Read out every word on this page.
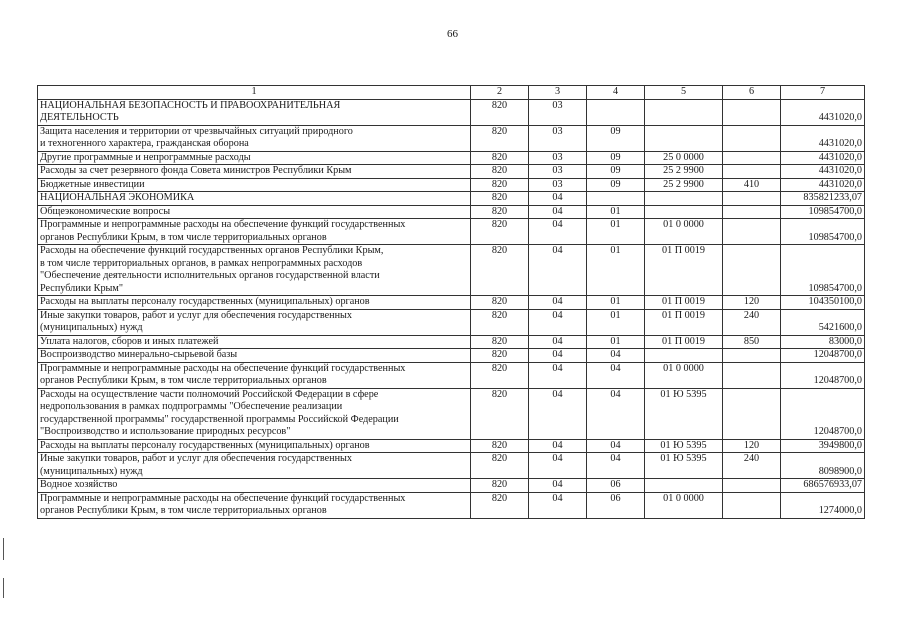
66
1	2	3	4	5	6	7
НАЦИОНАЛЬНАЯ БЕЗОПАСНОСТЬ И ПРАВООХРАНИТЕЛЬНАЯ
ДЕЯТЕЛЬНОСТЬ	820	03				4431020,0
Защита населения и территории от чрезвычайных ситуаций природного
и техногенного характера, гражданская оборона	820	03	09			4431020,0
Другие программные и непрограммные расходы	820	03	09	25 0 0000		4431020,0
Расходы за счет резервного фонда Совета министров Республики Крым	820	03	09	25 2 9900		4431020,0
Бюджетные инвестиции	820	03	09	25 2 9900	410	4431020,0
НАЦИОНАЛЬНАЯ ЭКОНОМИКА	820	04				835821233,07
Общеэкономические вопросы	820	04	01			109854700,0
Программные и непрограммные расходы на обеспечение функций государственных
органов Республики Крым, в том числе территориальных органов	820	04	01	01 0 0000		109854700,0
Расходы на обеспечение функций государственных органов Республики Крым,
в том числе территориальных органов, в рамках непрограммных расходов
"Обеспечение деятельности исполнительных органов государственной власти
Республики Крым"	820	04	01	01 П 0019		109854700,0
Расходы на выплаты персоналу государственных (муниципальных) органов	820	04	01	01 П 0019	120	104350100,0
Иные закупки товаров, работ и услуг для обеспечения государственных
(муниципальных) нужд	820	04	01	01 П 0019	240	5421600,0
Уплата налогов, сборов и иных платежей	820	04	01	01 П 0019	850	83000,0
Воспроизводство минерально-сырьевой базы	820	04	04			12048700,0
Программные и непрограммные расходы на обеспечение функций государственных
органов Республики Крым, в том числе территориальных органов	820	04	04	01 0 0000		12048700,0
Расходы на осуществление части полномочий Российской Федерации в сфере
недропользования в рамках подпрограммы "Обеспечение реализации
государственной программы" государственной программы Российской Федерации
"Воспроизводство и использование природных ресурсов"	820	04	04	01 Ю 5395		12048700,0
Расходы на выплаты персоналу государственных (муниципальных) органов	820	04	04	01 Ю 5395	120	3949800,0
Иные закупки товаров, работ и услуг для обеспечения государственных
(муниципальных) нужд	820	04	04	01 Ю 5395	240	8098900,0
Водное хозяйство	820	04	06			686576933,07
Программные и непрограммные расходы на обеспечение функций государственных
органов Республики Крым, в том числе территориальных органов	820	04	06	01 0 0000		1274000,0
